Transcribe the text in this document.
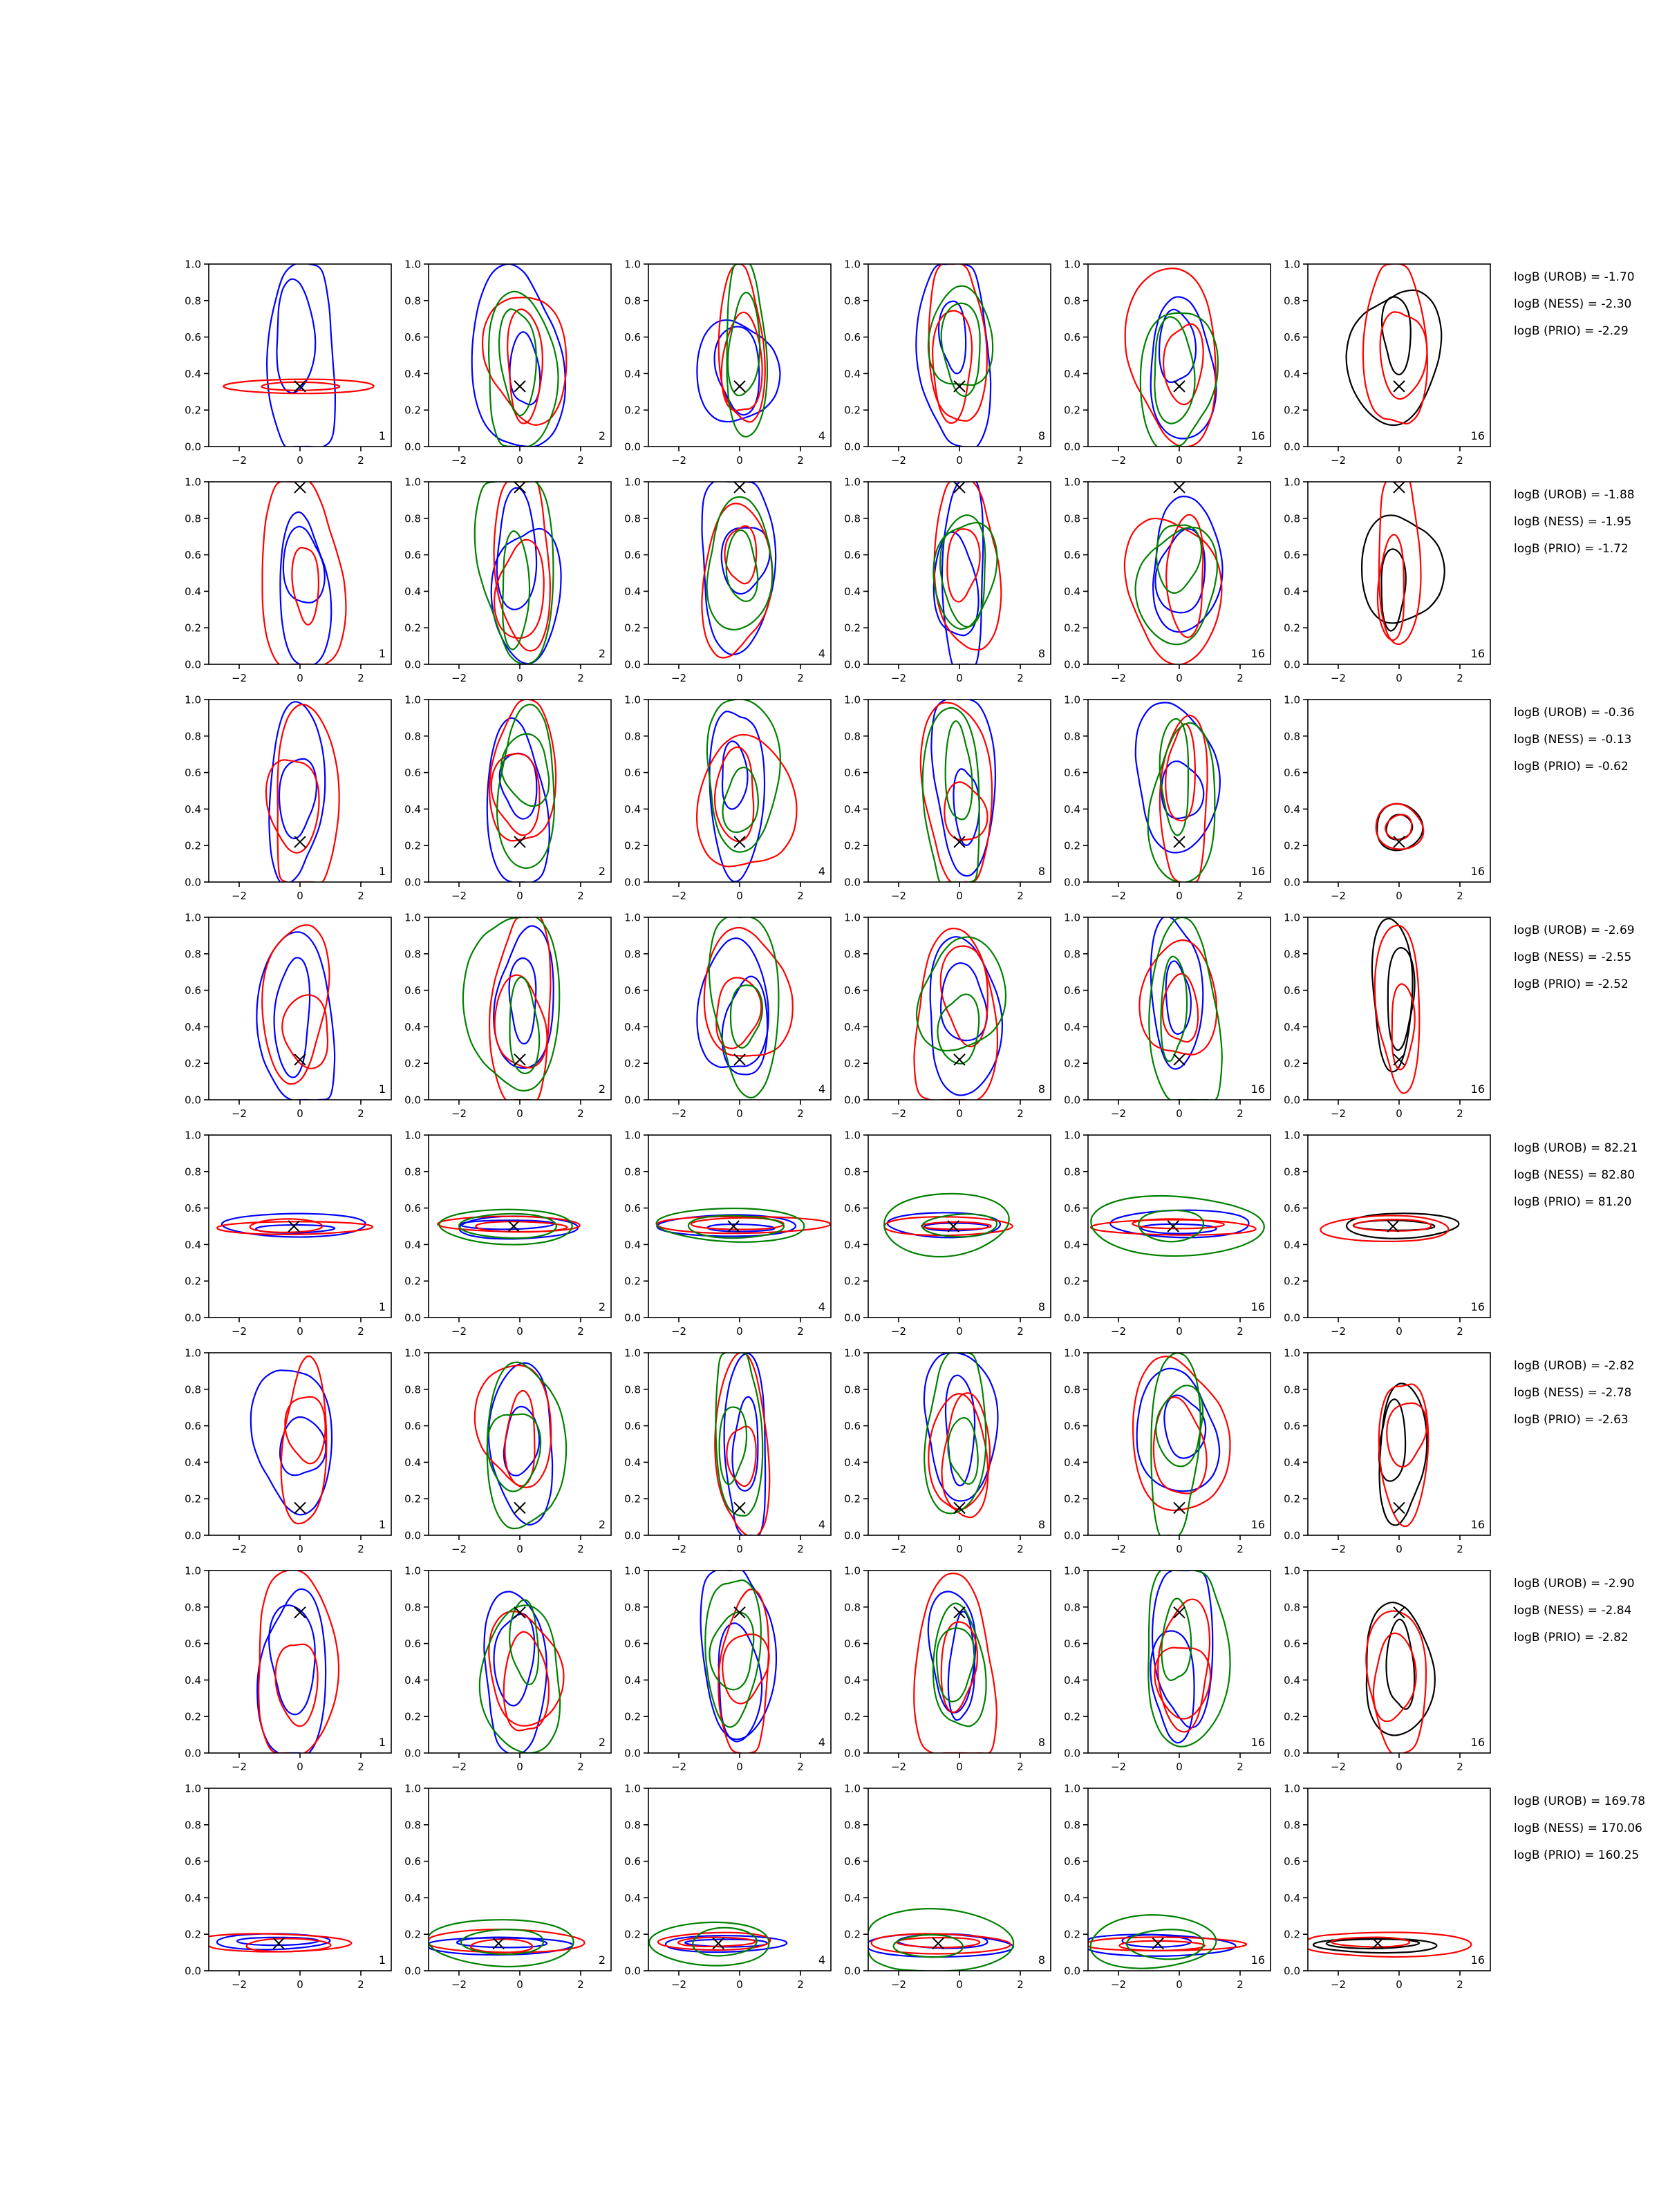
0.0
0.2
0.4
0.6
0.8
1.0
−2	0	2
1
0.0
0.2
0.4
0.6
0.8
1.0
−2	0	2
2
0.0
0.2
0.4
0.6
0.8
1.0
−2	0	2
4
0.0
0.2
0.4
0.6
0.8
1.0
−2	0	2
8
0.0
0.2
0.4
0.6
0.8
1.0
−2	0	2
16
0.0
0.2
0.4
0.6
0.8
1.0
−2	0	2
16
logB (UROB) = -1.70
logB (NESS) = -2.30
logB (PRIO) = -2.29
0.0
0.2
0.4
0.6
0.8
1.0
−2	0	2
1
0.0
0.2
0.4
0.6
0.8
1.0
−2	0	2
2
0.0
0.2
0.4
0.6
0.8
1.0
−2	0	2
4
0.0
0.2
0.4
0.6
0.8
1.0
−2	0	2
8
0.0
0.2
0.4
0.6
0.8
1.0
−2	0	2
16
0.0
0.2
0.4
0.6
0.8
1.0
−2	0	2
16
logB (UROB) = -1.88
logB (NESS) = -1.95
logB (PRIO) = -1.72
0.0
0.2
0.4
0.6
0.8
1.0
−2	0	2
1
0.0
0.2
0.4
0.6
0.8
1.0
−2	0	2
2
0.0
0.2
0.4
0.6
0.8
1.0
−2	0	2
4
0.0
0.2
0.4
0.6
0.8
1.0
−2	0	2
8
0.0
0.2
0.4
0.6
0.8
1.0
−2	0	2
16
0.0
0.2
0.4
0.6
0.8
1.0
−2	0	2
16
logB (UROB) = -0.36
logB (NESS) = -0.13
logB (PRIO) = -0.62
0.0
0.2
0.4
0.6
0.8
1.0
−2	0	2
1
0.0
0.2
0.4
0.6
0.8
1.0
−2	0	2
2
0.0
0.2
0.4
0.6
0.8
1.0
−2	0	2
4
0.0
0.2
0.4
0.6
0.8
1.0
−2	0	2
8
0.0
0.2
0.4
0.6
0.8
1.0
−2	0	2
16
0.0
0.2
0.4
0.6
0.8
1.0
−2	0	2
16
logB (UROB) = -2.69
logB (NESS) = -2.55
logB (PRIO) = -2.52
0.0
0.2
0.4
0.6
0.8
1.0
−2	0	2
1
0.0
0.2
0.4
0.6
0.8
1.0
−2	0	2
2
0.0
0.2
0.4
0.6
0.8
1.0
−2	0	2
4
0.0
0.2
0.4
0.6
0.8
1.0
−2	0	2
8
0.0
0.2
0.4
0.6
0.8
1.0
−2	0	2
16
0.0
0.2
0.4
0.6
0.8
1.0
−2	0	2
16
logB (UROB) = 82.21
logB (NESS) = 82.80
logB (PRIO) = 81.20
0.0
0.2
0.4
0.6
0.8
1.0
−2	0	2
1
0.0
0.2
0.4
0.6
0.8
1.0
−2	0	2
2
0.0
0.2
0.4
0.6
0.8
1.0
−2	0	2
4
0.0
0.2
0.4
0.6
0.8
1.0
−2	0	2
8
0.0
0.2
0.4
0.6
0.8
1.0
−2	0	2
16
0.0
0.2
0.4
0.6
0.8
1.0
−2	0	2
16
logB (UROB) = -2.82
logB (NESS) = -2.78
logB (PRIO) = -2.63
0.0
0.2
0.4
0.6
0.8
1.0
−2	0	2
1
0.0
0.2
0.4
0.6
0.8
1.0
−2	0	2
2
0.0
0.2
0.4
0.6
0.8
1.0
−2	0	2
4
0.0
0.2
0.4
0.6
0.8
1.0
−2	0	2
8
0.0
0.2
0.4
0.6
0.8
1.0
−2	0	2
16
0.0
0.2
0.4
0.6
0.8
1.0
−2	0	2
16
logB (UROB) = -2.90
logB (NESS) = -2.84
logB (PRIO) = -2.82
0.0
0.2
0.4
0.6
0.8
1.0
−2	0	2
1
0.0
0.2
0.4
0.6
0.8
1.0
−2	0	2
2
0.0
0.2
0.4
0.6
0.8
1.0
−2	0	2
4
0.0
0.2
0.4
0.6
0.8
1.0
−2	0	2
8
0.0
0.2
0.4
0.6
0.8
1.0
−2	0	2
16
0.0
0.2
0.4
0.6
0.8
1.0
−2	0	2
16
logB (UROB) = 169.78
logB (NESS) = 170.06
logB (PRIO) = 160.25
